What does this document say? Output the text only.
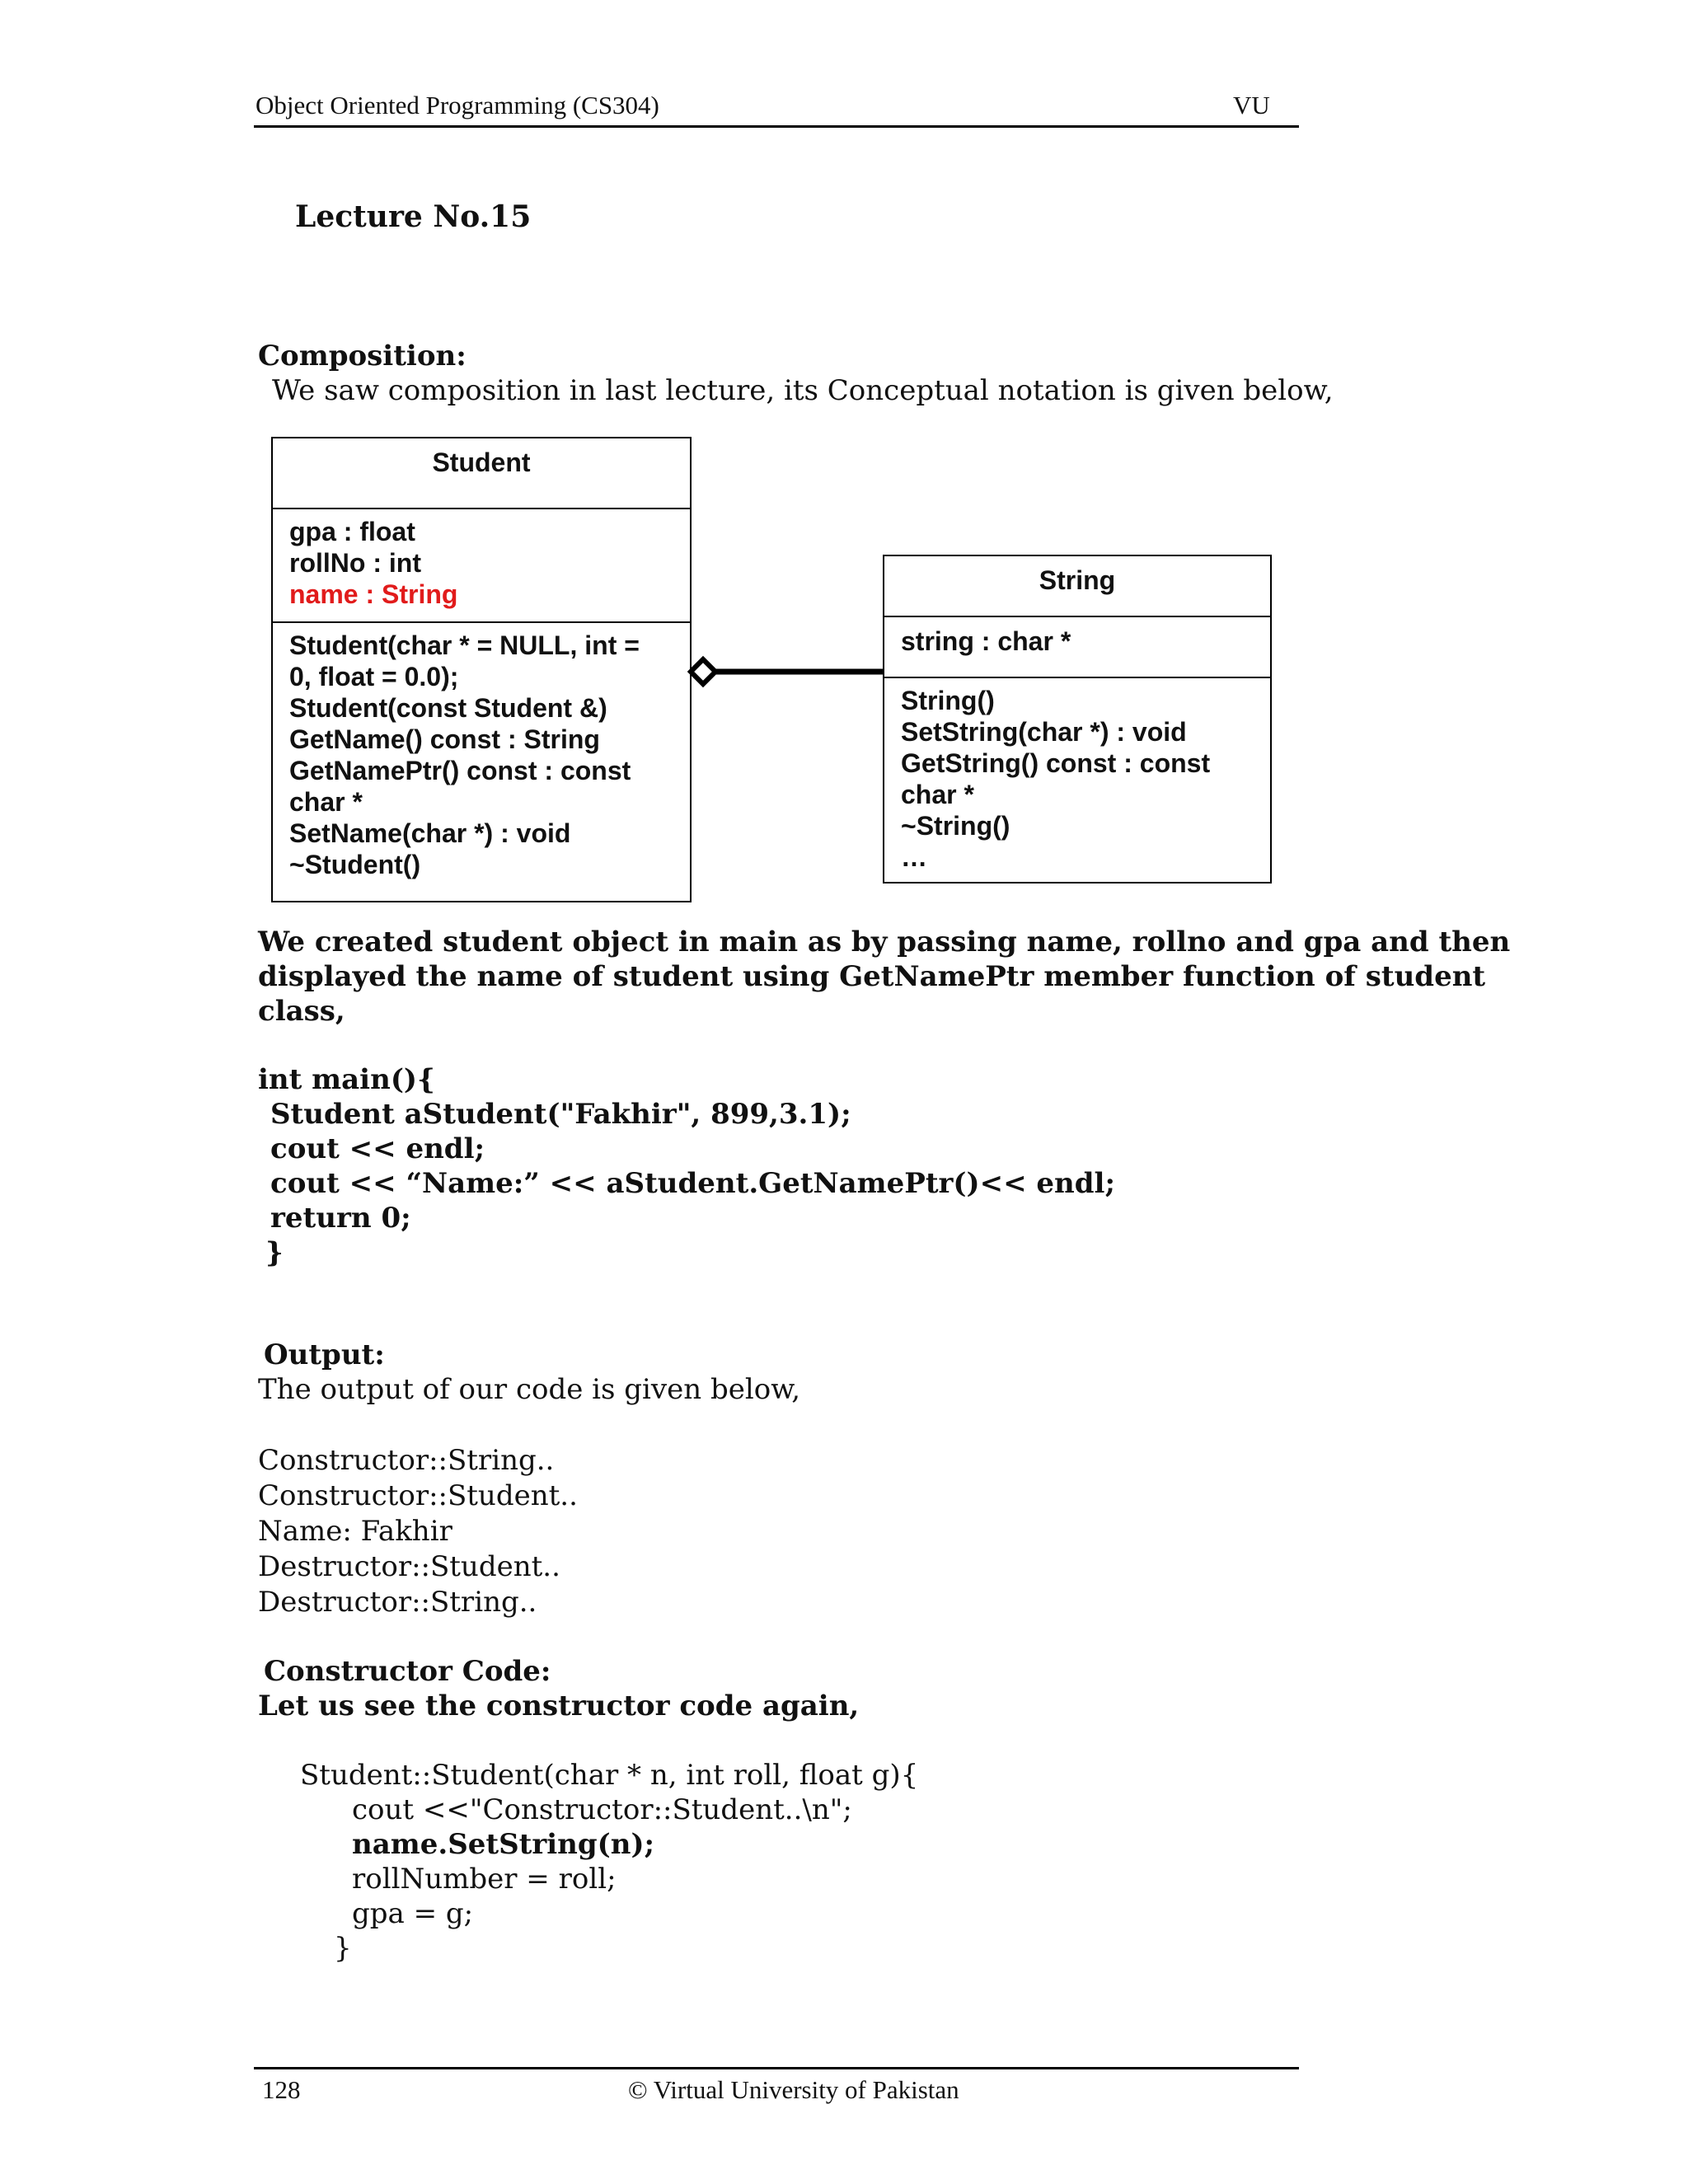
Object Oriented Programming (CS304)	VU
Lecture No.15
Composition:
We saw composition in last lecture, its Conceptual notation is given below,
Student
gpa : float
rollNo : int
name : String
Student(char * = NULL, int =
0, float = 0.0);
Student(const Student &)
GetName() const : String
GetNamePtr() const : const
char *
SetName(char *) : void
~Student()
String
string : char *
String()
SetString(char *) : void
GetString() const : const
char *
~String()
…
We created student object in main as by passing name, rollno and gpa and then
displayed the name of student using GetNamePtr member function of student
class,
int main(){
Student aStudent("Fakhir", 899,3.1);
cout << endl;
cout << “Name:” << aStudent.GetNamePtr()<< endl;
return 0;
}
Output:
The output of our code is given below,
Constructor::String..
Constructor::Student..
Name: Fakhir
Destructor::Student..
Destructor::String..
Constructor Code:
Let us see the constructor code again,
Student::Student(char * n, int roll, float g){
cout <<"Constructor::Student..\n";
name.SetString(n);
rollNumber = roll;
gpa = g;
}
128	© Virtual University of Pakistan
